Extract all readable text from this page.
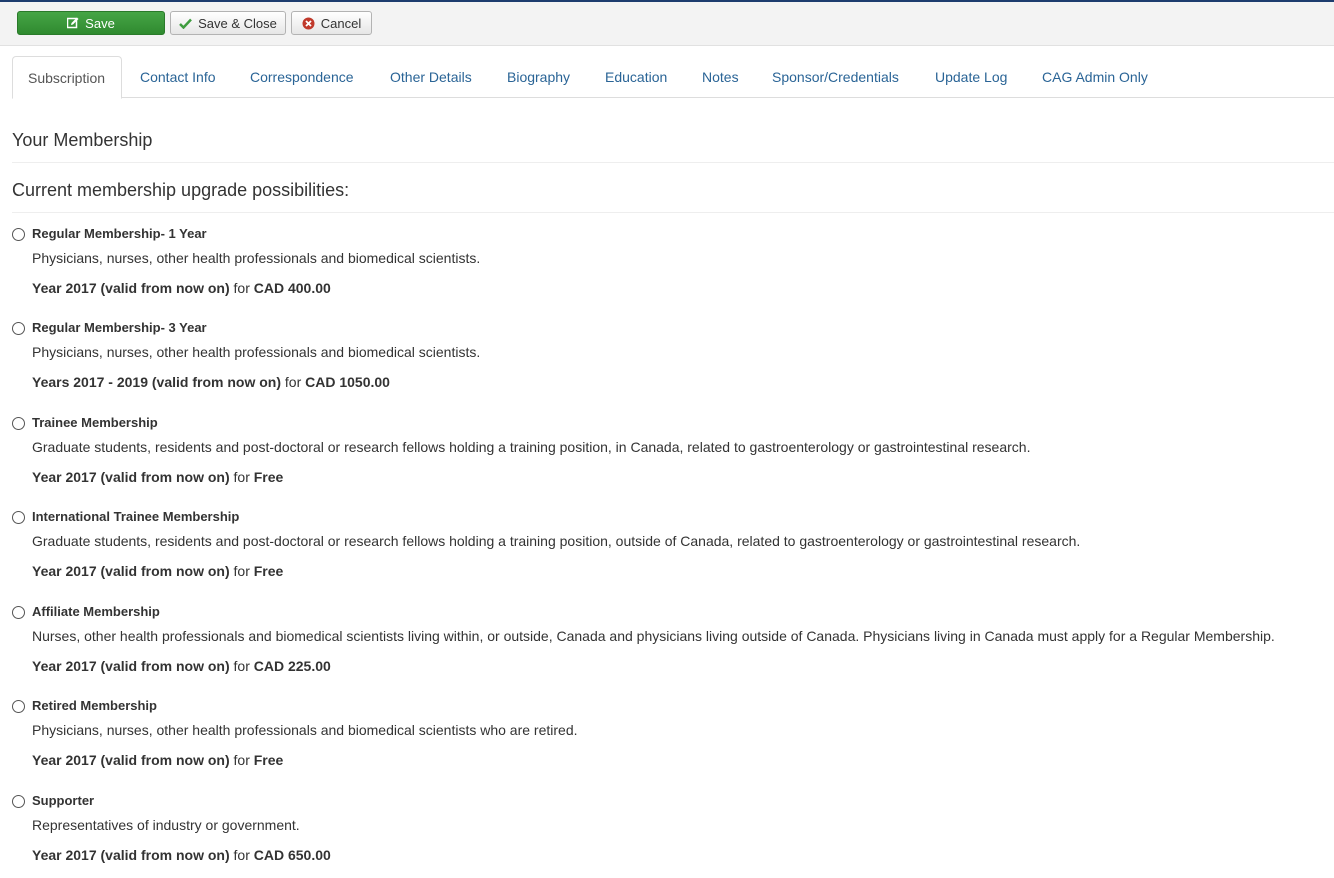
Save	Save & Close	Cancel
Subscription	Contact Info Correspondence	Other Details	Biography Education Notes Sponsor/Credentials	Update Log CAG Admin Only
Your Membership
Current membership upgrade possibilities:
Regular Membership- 1 Year
Physicians, nurses, other health professionals and biomedical scientists.
Year 2017 (valid from now on) for CAD 400.00
Regular Membership- 3 Year
Physicians, nurses, other health professionals and biomedical scientists.
Years 2017 - 2019 (valid from now on) for CAD 1050.00
Trainee Membership
Graduate students, residents and post-doctoral or research fellows holding a training position, in Canada, related to gastroenterology or gastrointestinal research.
Year 2017 (valid from now on) for Free
International Trainee Membership
Graduate students, residents and post-doctoral or research fellows holding a training position, outside of Canada, related to gastroenterology or gastrointestinal research.
Year 2017 (valid from now on) for Free
Affiliate Membership
Nurses, other health professionals and biomedical scientists living within, or outside, Canada and physicians living outside of Canada. Physicians living in Canada must apply for a Regular Membership.
Year 2017 (valid from now on) for CAD 225.00
Retired Membership
Physicians, nurses, other health professionals and biomedical scientists who are retired.
Year 2017 (valid from now on) for Free
Supporter
Representatives of industry or government.
Year 2017 (valid from now on) for CAD 650.00
